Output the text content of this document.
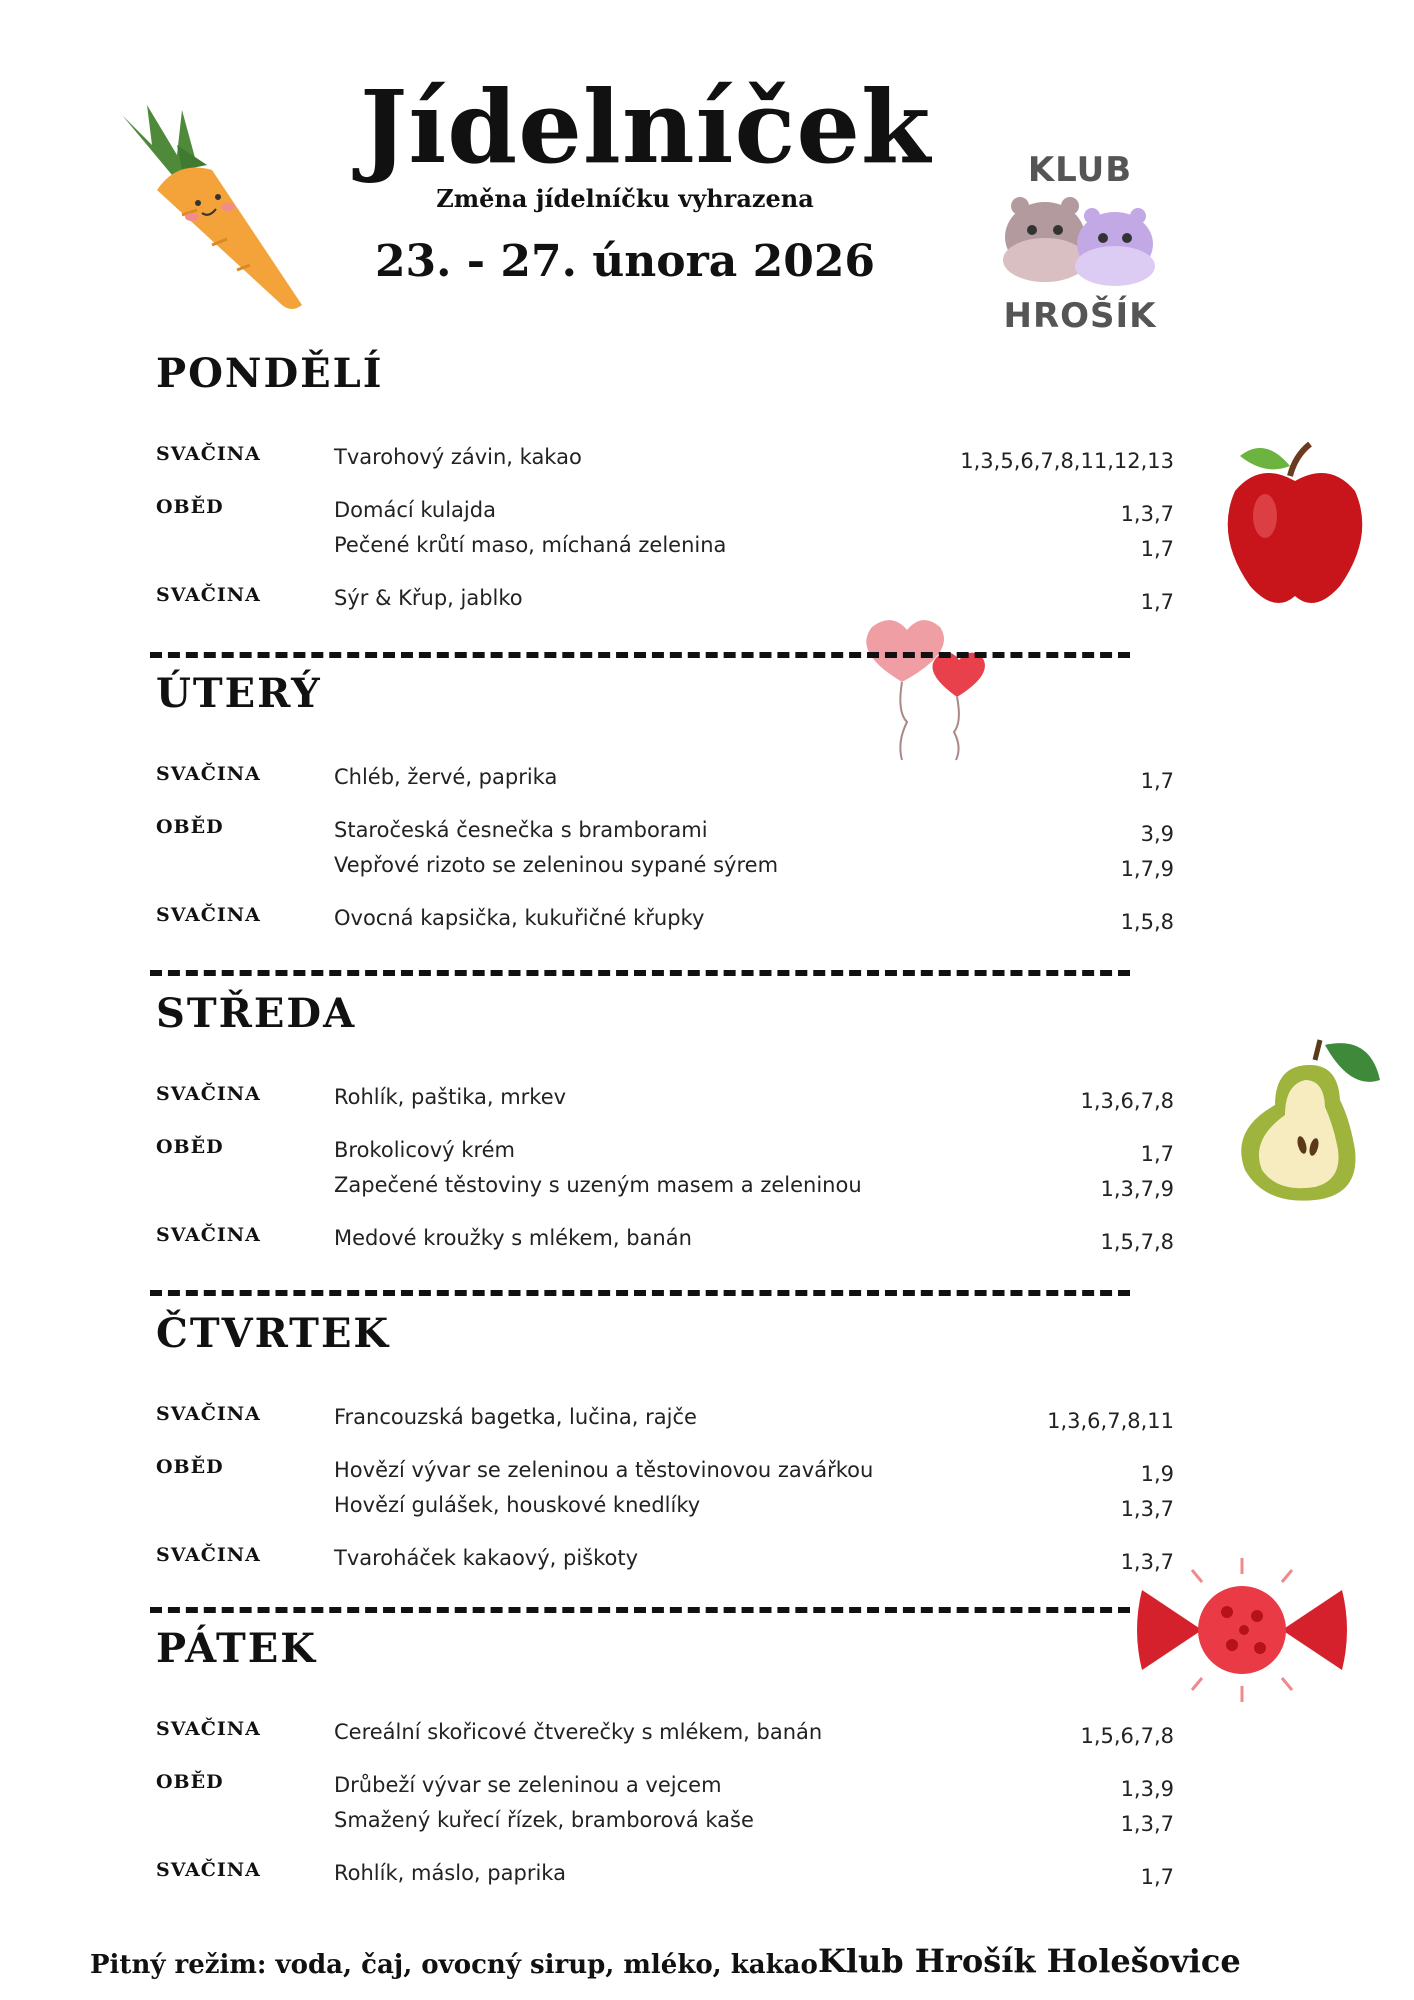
Jídelníček
Změna jídelníčku vyhrazena
23. - 27. února 2026
KLUB
HROŠÍK
PONDĚLÍ
SVAČINA	Tvarohový závin, kakao	1,3,5,6,7,8,11,12,13
OBĚD	Domácí kulajda	1,3,7
Pečené krůtí maso, míchaná zelenina	1,7
SVAČINA	Sýr & Křup, jablko	1,7
ÚTERÝ
SVAČINA	Chléb, žervé, paprika	1,7
OBĚD	Staročeská česnečka s bramborami	3,9
Vepřové rizoto se zeleninou sypané sýrem	1,7,9
SVAČINA	Ovocná kapsička, kukuřičné křupky	1,5,8
STŘEDA
SVAČINA	Rohlík, paštika, mrkev	1,3,6,7,8
OBĚD	Brokolicový krém	1,7
Zapečené těstoviny s uzeným masem a zeleninou	1,3,7,9
SVAČINA	Medové kroužky s mlékem, banán	1,5,7,8
ČTVRTEK
SVAČINA	Francouzská bagetka, lučina, rajče	1,3,6,7,8,11
OBĚD	Hovězí vývar se zeleninou a těstovinovou zavářkou	1,9
Hovězí gulášek, houskové knedlíky	1,3,7
SVAČINA	Tvaroháček kakaový, piškoty	1,3,7
PÁTEK
SVAČINA	Cereální skořicové čtverečky s mlékem, banán	1,5,6,7,8
OBĚD	Drůbeží vývar se zeleninou a vejcem	1,3,9
Smažený kuřecí řízek, bramborová kaše	1,3,7
SVAČINA	Rohlík, máslo, paprika	1,7
Pitný režim: voda, čaj, ovocný sirup, mléko, kakao Klub Hrošík Holešovice
